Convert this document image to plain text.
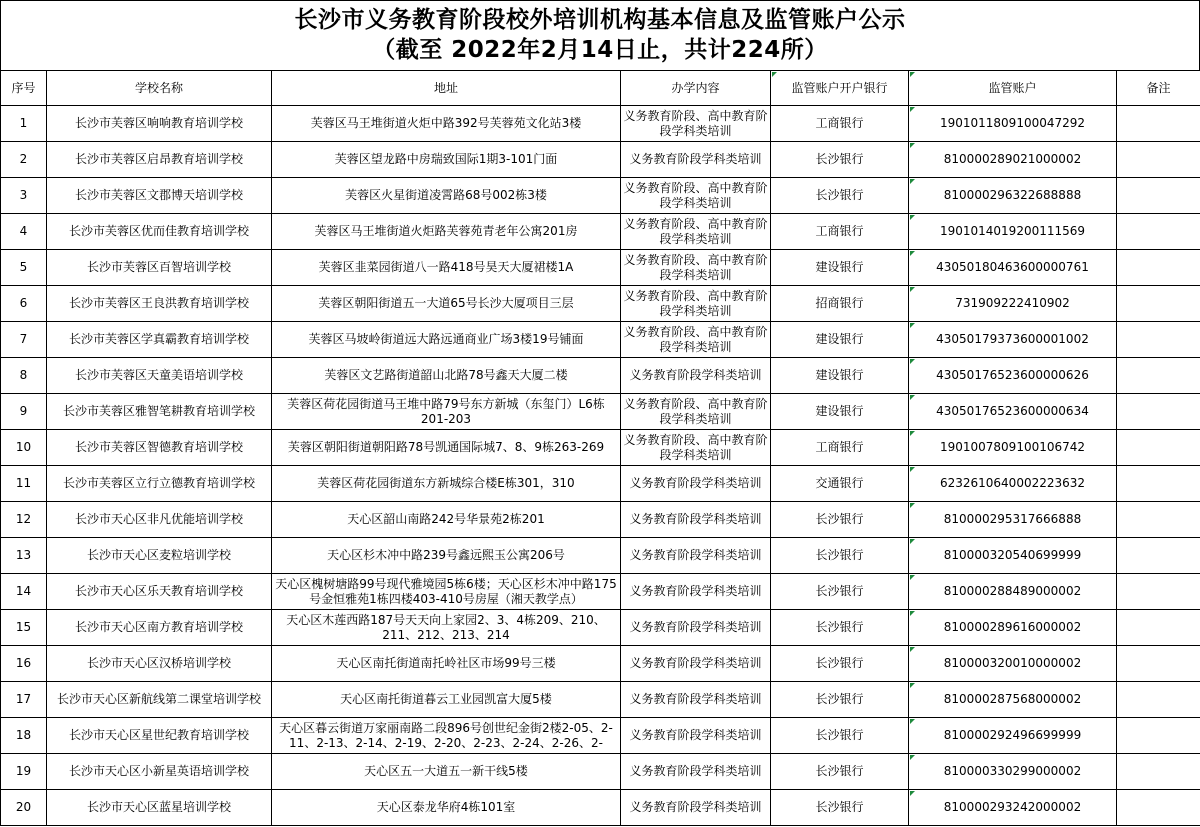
长沙市义务教育阶段校外培训机构基本信息及监管账户公示
（截至 2022年2月14日止，共计224所）
序号	学校名称	地址	办学内容	监管账户开户银行	监管账户	备注

1	长沙市芙蓉区响响教育培训学校	芙蓉区马王堆街道火炬中路392号芙蓉苑文化站3楼	义务教育阶段、高中教育阶段学科类培训	工商银行	1901011809100047292	

2	长沙市芙蓉区启昂教育培训学校	芙蓉区望龙路中房瑞致国际1期3-101门面	义务教育阶段学科类培训	长沙银行	810000289021000002	

3	长沙市芙蓉区文郡博天培训学校	芙蓉区火星街道凌霄路68号002栋3楼	义务教育阶段、高中教育阶段学科类培训	长沙银行	810000296322688888	

4	长沙市芙蓉区优而佳教育培训学校	芙蓉区马王堆街道火炬路芙蓉苑青老年公寓201房	义务教育阶段、高中教育阶段学科类培训	工商银行	1901014019200111569	

5	长沙市芙蓉区百智培训学校	芙蓉区韭菜园街道八一路418号昊天大厦裙楼1A	义务教育阶段、高中教育阶段学科类培训	建设银行	43050180463600000761	

6	长沙市芙蓉区王良洪教育培训学校	芙蓉区朝阳街道五一大道65号长沙大厦项目三层	义务教育阶段、高中教育阶段学科类培训	招商银行	731909222410902	

7	长沙市芙蓉区学真霸教育培训学校	芙蓉区马坡岭街道远大路远通商业广场3楼19号铺面	义务教育阶段、高中教育阶段学科类培训	建设银行	43050179373600001002	

8	长沙市芙蓉区天童美语培训学校	芙蓉区文艺路街道韶山北路78号鑫天大厦二楼	义务教育阶段学科类培训	建设银行	43050176523600000626	

9	长沙市芙蓉区雅智笔耕教育培训学校	芙蓉区荷花园街道马王堆中路79号东方新城（东玺门）L6栋201-203	义务教育阶段、高中教育阶段学科类培训	建设银行	43050176523600000634	

10	长沙市芙蓉区智德教育培训学校	芙蓉区朝阳街道朝阳路78号凯通国际城7、8、9栋263-269	义务教育阶段、高中教育阶段学科类培训	工商银行	1901007809100106742	

11	长沙市芙蓉区立行立德教育培训学校	芙蓉区荷花园街道东方新城综合楼E栋301，310	义务教育阶段学科类培训	交通银行	623261064000222363​2	

12	长沙市天心区非凡优能培训学校	天心区韶山南路242号华景苑2栋201	义务教育阶段学科类培训	长沙银行	810000295317666888	

13	长沙市天心区麦粒培训学校	天心区杉木冲中路239号鑫远熙玉公寓206号	义务教育阶段学科类培训	长沙银行	810000320540699999	

14	长沙市天心区乐天教育培训学校	天心区槐树塘路99号现代雅境园5栋6楼；天心区杉木冲中路175号金恒雅苑1栋四楼403-410号房屋（湘天教学点）	义务教育阶段学科类培训	长沙银行	810000288489000002	

15	长沙市天心区南方教育培训学校	天心区木莲西路187号天天向上家园2、3、4栋209、210、211、212、213、214	义务教育阶段学科类培训	长沙银行	810000289616000002	

16	长沙市天心区汉桥培训学校	天心区南托街道南托岭社区市场99号三楼	义务教育阶段学科类培训	长沙银行	810000320010000002	

17	长沙市天心区新航线第二课堂培训学校	天心区南托街道暮云工业园凯富大厦5楼	义务教育阶段学科类培训	长沙银行	810000287568000002	

18	长沙市天心区星世纪教育培训学校	天心区暮云街道万家丽南路二段896号创世纪金街2楼2-05、2-11、2-13、2-14、2-19、2-20、2-23、2-24、2-26、2-	义务教育阶段学科类培训	长沙银行	810000292496699999	

19	长沙市天心区小新星英语培训学校	天心区五一大道五一新干线5楼	义务教育阶段学科类培训	长沙银行	810000330299000002	

20	长沙市天心区蓝星培训学校	天心区泰龙华府4栋101室	义务教育阶段学科类培训	长沙银行	810000293242000002	
